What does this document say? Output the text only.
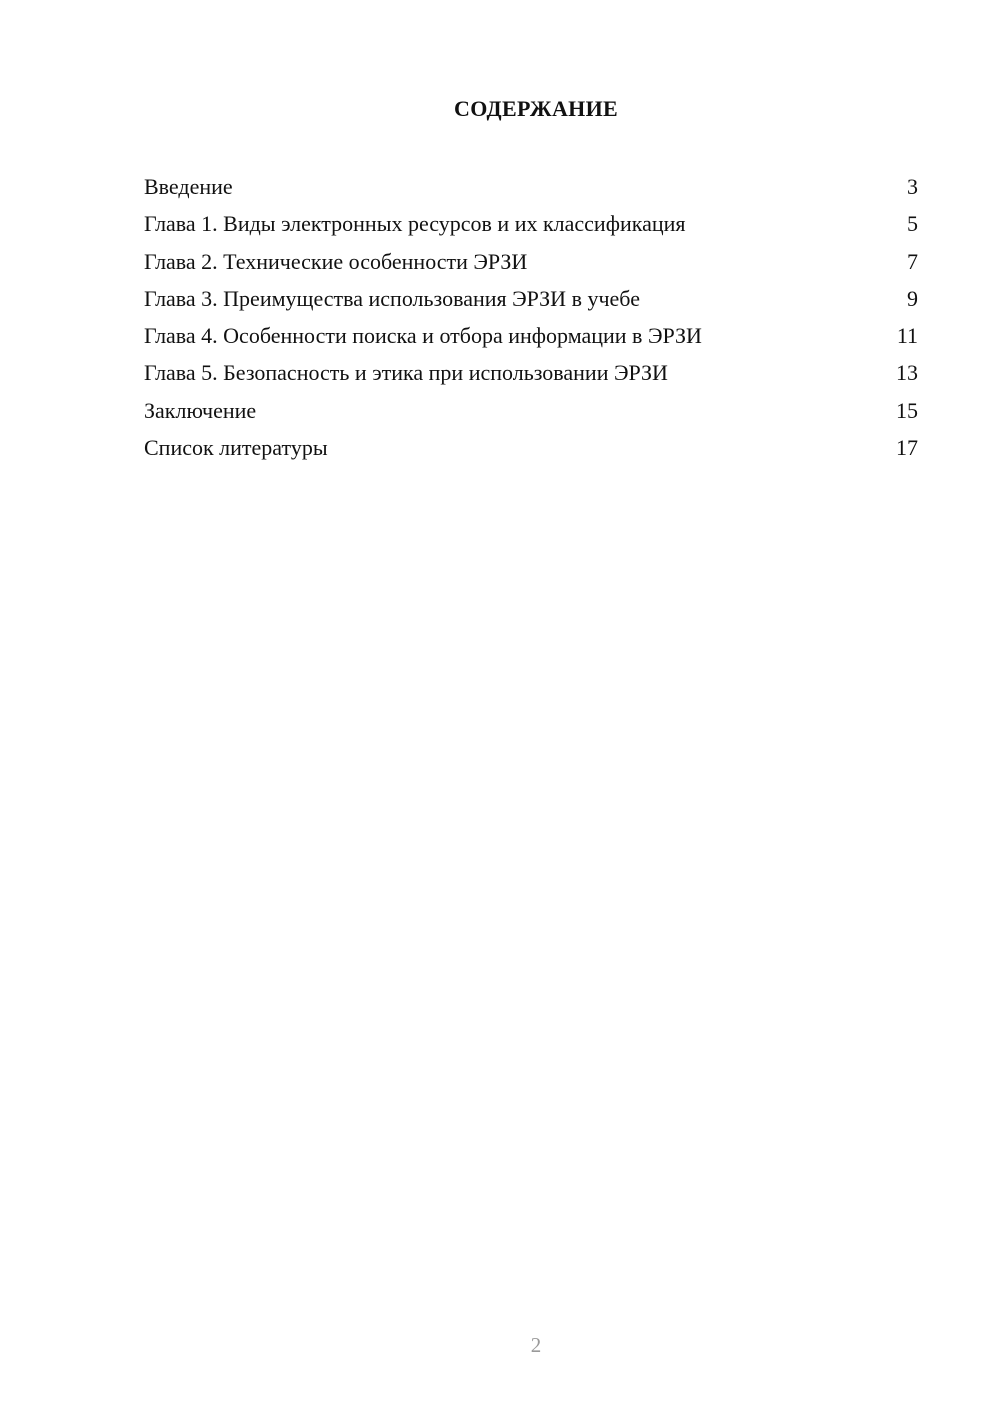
СОДЕРЖАНИЕ
Введение	3
Глава 1. Виды электронных ресурсов и их классификация	5
Глава 2. Технические особенности ЭРЗИ	7
Глава 3. Преимущества использования ЭРЗИ в учебе	9
Глава 4. Особенности поиска и отбора информации в ЭРЗИ	11
Глава 5. Безопасность и этика при использовании ЭРЗИ	13
Заключение	15
Список литературы	17
2
